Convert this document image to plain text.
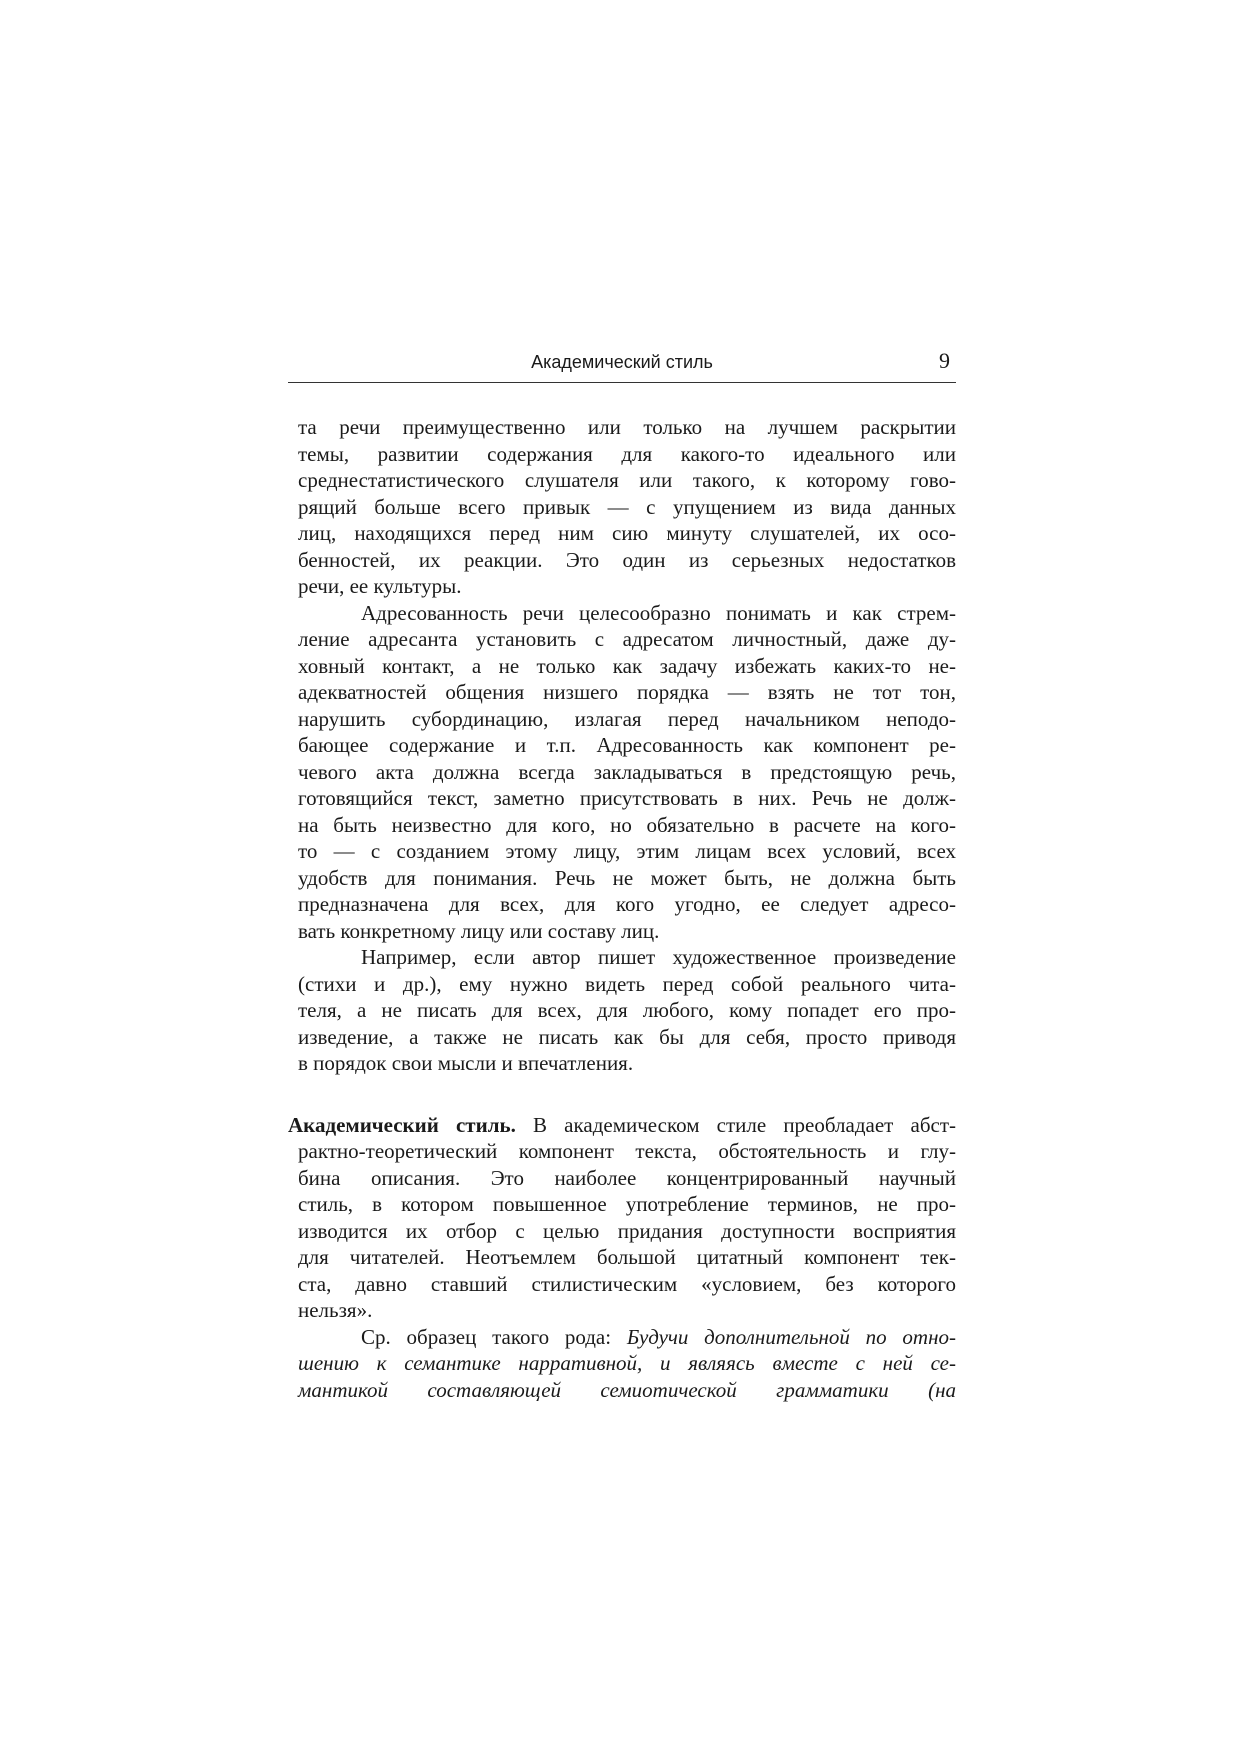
Академический стиль	9
та речи преимущественно или только на лучшем раскрытии
темы, развитии содержания для какого-то идеального или
среднестатистического слушателя или такого, к которому гово-
рящий больше всего привык — с упущением из вида данных
лиц, находящихся перед ним сию минуту слушателей, их осо-
бенностей, их реакции. Это один из серьезных недостатков
речи, ее культуры.
Адресованность речи целесообразно понимать и как стрем-
ление адресанта установить с адресатом личностный, даже ду-
ховный контакт, а не только как задачу избежать каких-то не-
адекватностей общения низшего порядка — взять не тот тон,
нарушить субординацию, излагая перед начальником неподо-
бающее содержание и т.п. Адресованность как компонент ре-
чевого акта должна всегда закладываться в предстоящую речь,
готовящийся текст, заметно присутствовать в них. Речь не долж-
на быть неизвестно для кого, но обязательно в расчете на кого-
то — с созданием этому лицу, этим лицам всех условий, всех
удобств для понимания. Речь не может быть, не должна быть
предназначена для всех, для кого угодно, ее следует адресо-
вать конкретному лицу или составу лиц.
Например, если автор пишет художественное произведение
(стихи и др.), ему нужно видеть перед собой реального чита-
теля, а не писать для всех, для любого, кому попадет его про-
изведение, а также не писать как бы для себя, просто приводя
в порядок свои мысли и впечатления.
Академический стиль. В академическом стиле преобладает абст-
рактно-теоретический компонент текста, обстоятельность и глу-
бина описания. Это наиболее концентрированный научный
стиль, в котором повышенное употребление терминов, не про-
изводится их отбор с целью придания доступности восприятия
для читателей. Неотъемлем большой цитатный компонент тек-
ста, давно ставший стилистическим «условием, без которого
нельзя».
Ср. образец такого рода: Будучи дополнительной по отно-
шению к семантике нарративной, и являясь вместе с ней се-
мантикой составляющей семиотической грамматики (на
